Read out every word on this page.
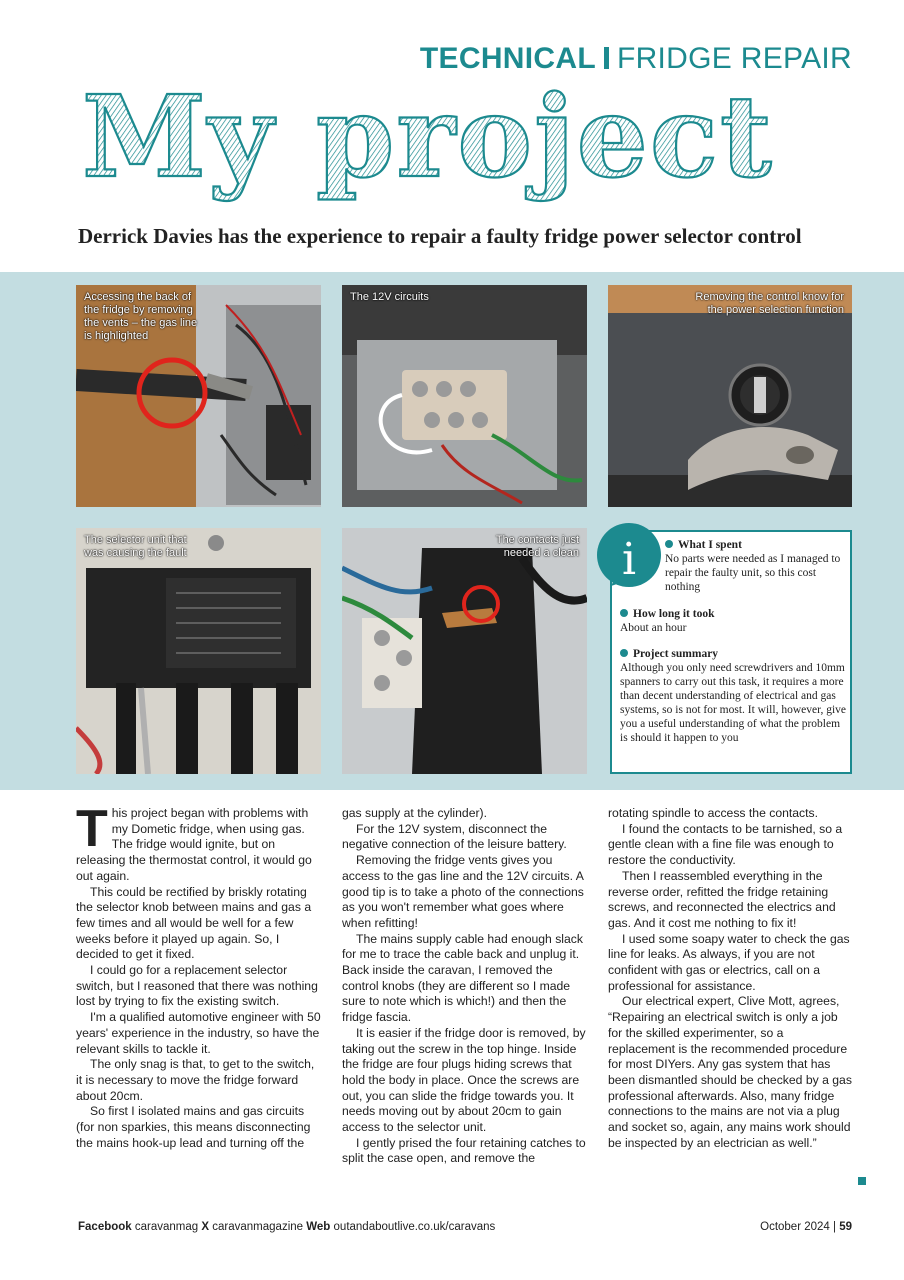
TECHNICAL FRIDGE REPAIR
My project
Derrick Davies has the experience to repair a faulty fridge power selector control
Accessing the back of the fridge by removing the vents – the gas line is highlighted
The 12V circuits	Removing the control know for the power selection function
The selector unit that was causing the fault
The contacts just needed a clean i	What I spent
No parts were needed as I managed to repair the faulty unit, so this cost nothing
How long it took
About an hour
Project summary
Although you only need screwdrivers and 10mm spanners to carry out this task, it requires a more than decent understanding of electrical and gas systems, so is not for most. It will, however, give you a useful understanding of what the problem is should it happen to you

This project began with problems with my Dometic fridge, when using gas. The fridge would ignite, but on releasing the thermostat control, it would go out again.

This could be rectified by briskly rotating the selector knob between mains and gas a few times and all would be well for a few weeks before it played up again. So, I decided to get it fixed.

I could go for a replacement selector switch, but I reasoned that there was nothing lost by trying to fix the existing switch.

I'm a qualified automotive engineer with 50 years' experience in the industry, so have the relevant skills to tackle it.

The only snag is that, to get to the switch, it is necessary to move the fridge forward about 20cm.

So first I isolated mains and gas circuits (for non sparkies, this means disconnecting the mains hook-up lead and turning off the

gas supply at the cylinder).

For the 12V system, disconnect the negative connection of the leisure battery.

Removing the fridge vents gives you access to the gas line and the 12V circuits. A good tip is to take a photo of the connections as you won't remember what goes where when refitting!

The mains supply cable had enough slack for me to trace the cable back and unplug it. Back inside the caravan, I removed the control knobs (they are different so I made sure to note which is which!) and then the fridge fascia.

It is easier if the fridge door is removed, by taking out the screw in the top hinge. Inside the fridge are four plugs hiding screws that hold the body in place. Once the screws are out, you can slide the fridge towards you. It needs moving out by about 20cm to gain access to the selector unit.

I gently prised the four retaining catches to split the case open, and remove the

rotating spindle to access the contacts.

I found the contacts to be tarnished, so a gentle clean with a fine file was enough to restore the conductivity.

Then I reassembled everything in the reverse order, refitted the fridge retaining screws, and reconnected the electrics and gas. And it cost me nothing to fix it!

I used some soapy water to check the gas line for leaks. As always, if you are not confident with gas or electrics, call on a professional for assistance.

Our electrical expert, Clive Mott, agrees, “Repairing an electrical switch is only a job for the skilled experimenter, so a replacement is the recommended procedure for most DIYers. Any gas system that has been dismantled should be checked by a gas professional afterwards. Also, many fridge connections to the mains are not via a plug and socket so, again, any mains work should be inspected by an electrician as well.”

Facebook caravanmag X caravanmagazine Web outandaboutlive.co.uk/caravans	October 2024 | 59
